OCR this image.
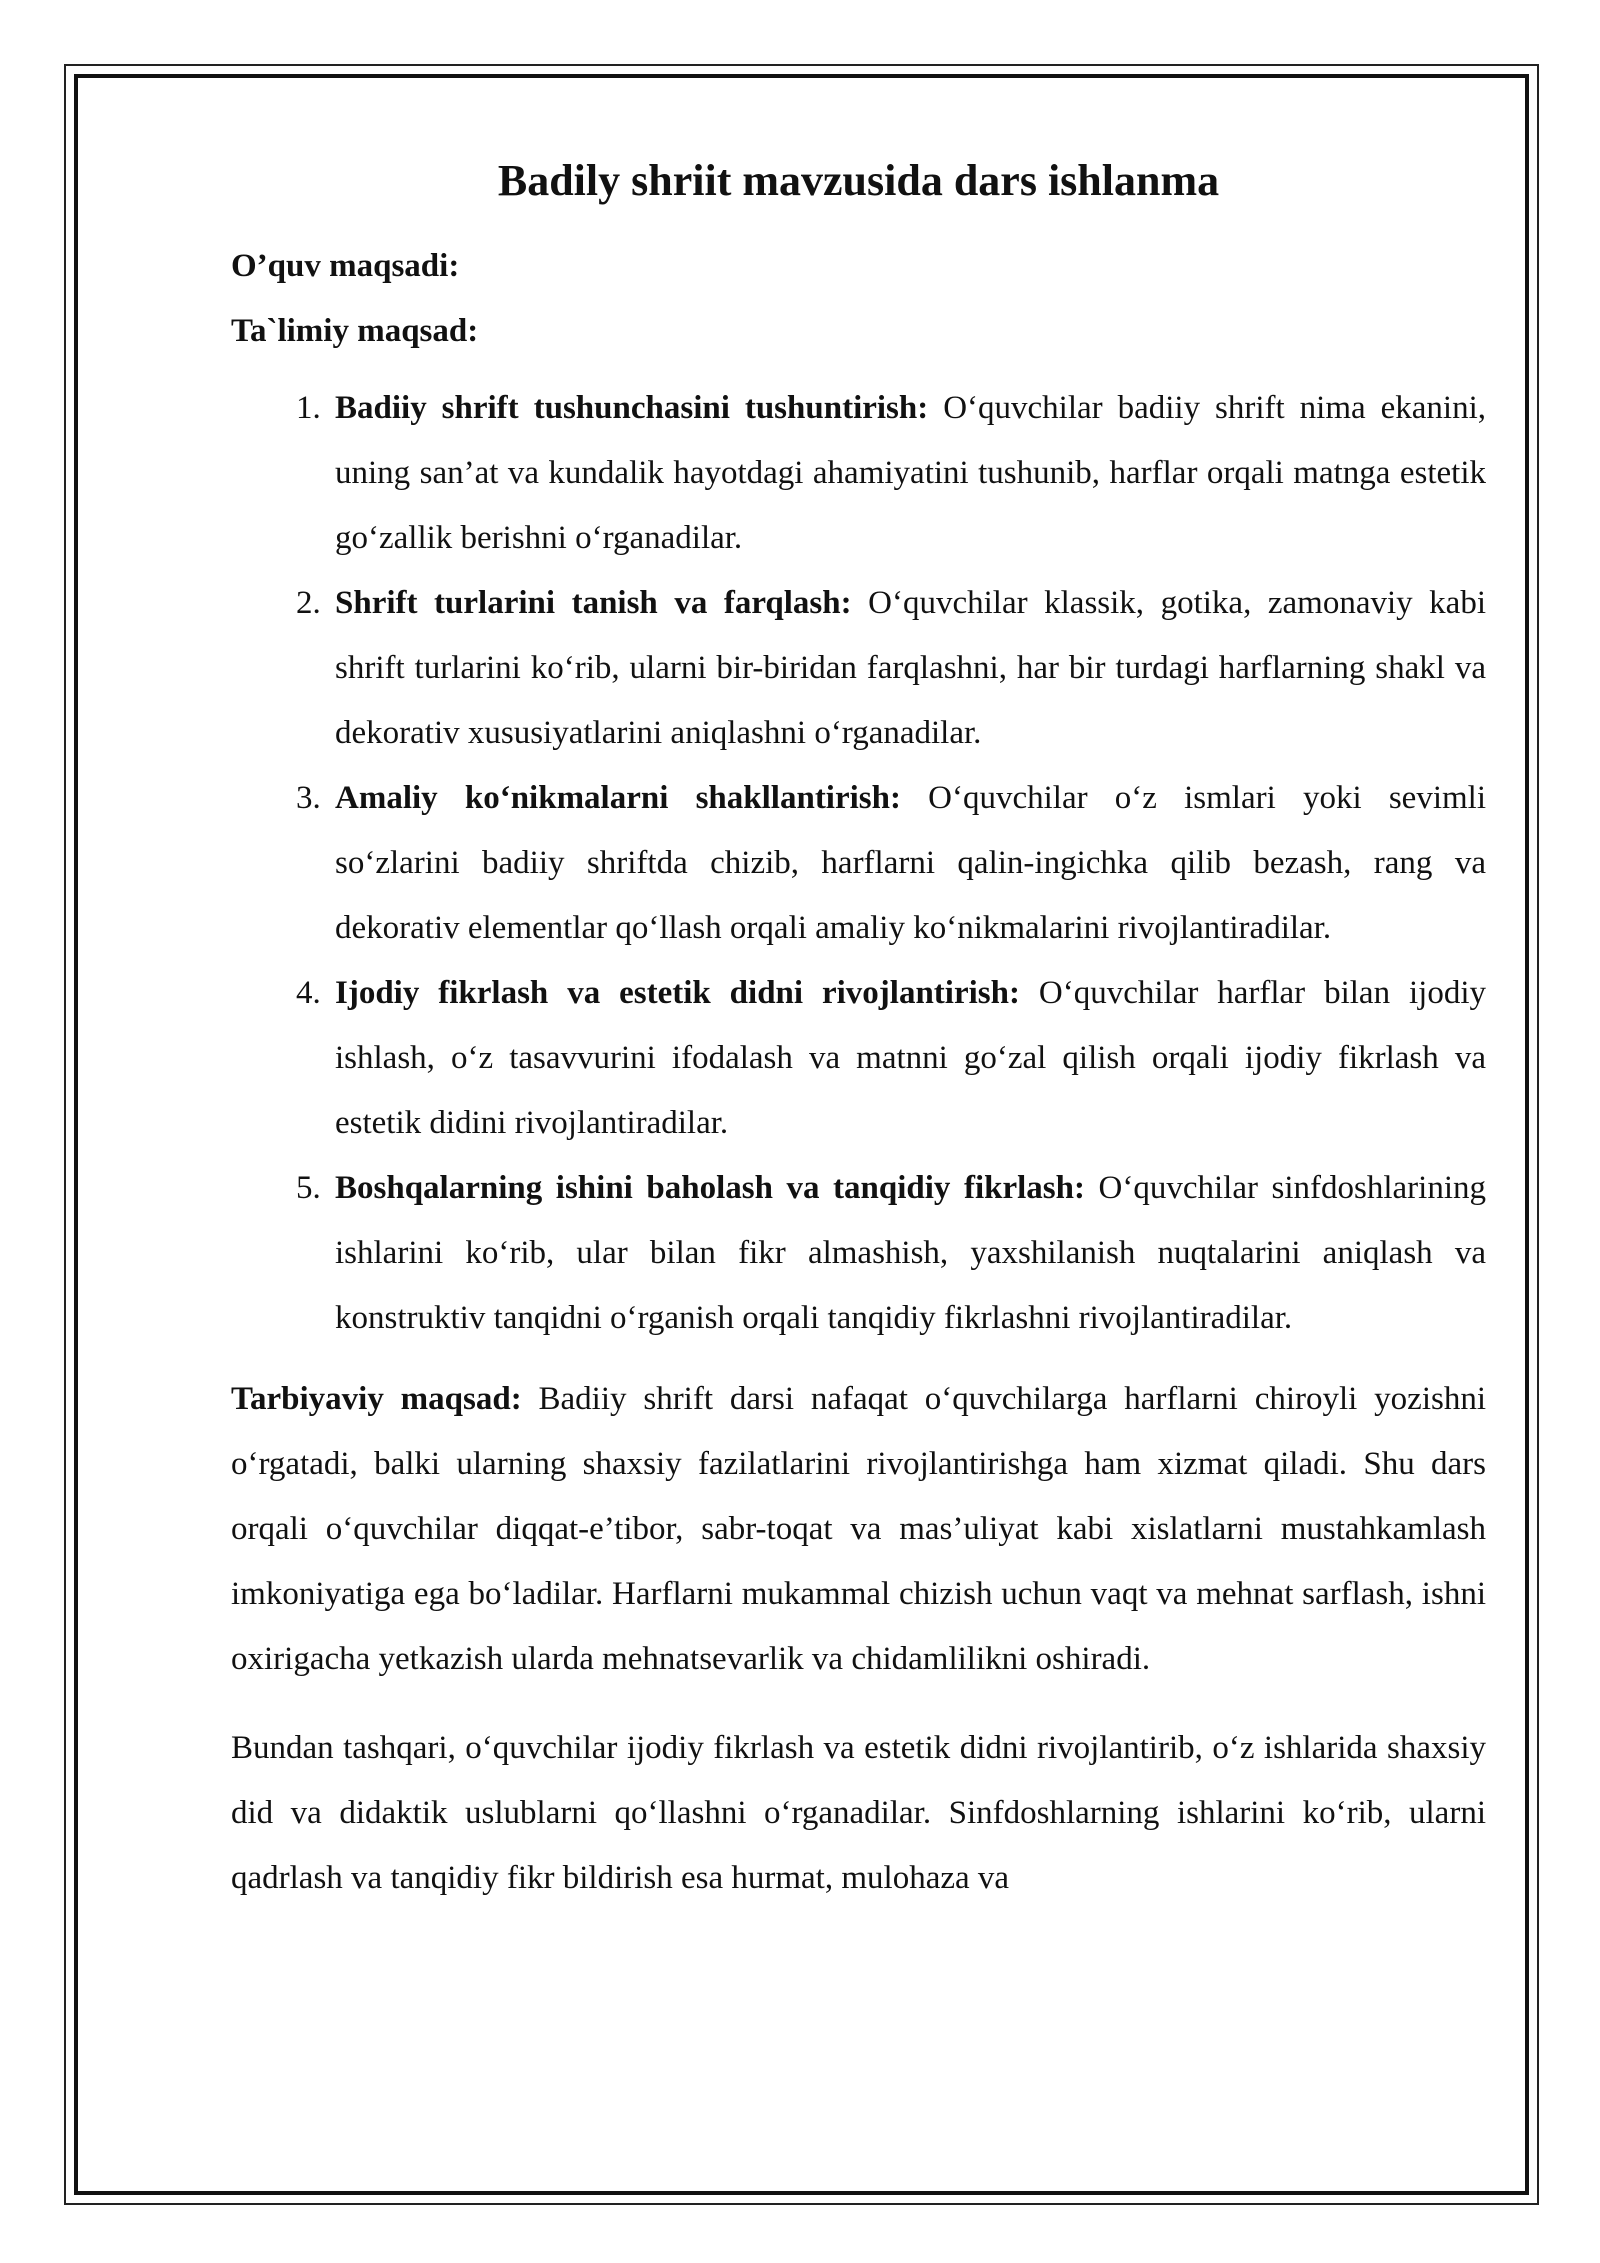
Badily shriit mavzusida dars ishlanma

O’quv maqsadi:

Ta`limiy maqsad:

1. Badiiy shrift tushunchasini tushuntirish: O‘quvchilar badiiy shrift nima ekanini, uning san’at va kundalik hayotdagi ahamiyatini tushunib, harflar orqali matnga estetik go‘zallik berishni o‘rganadilar.
2. Shrift turlarini tanish va farqlash: O‘quvchilar klassik, gotika, zamonaviy kabi shrift turlarini ko‘rib, ularni bir-biridan farqlashni, har bir turdagi harflarning shakl va dekorativ xususiyatlarini aniqlashni o‘rganadilar.
3. Amaliy ko‘nikmalarni shakllantirish: O‘quvchilar o‘z ismlari yoki sevimli so‘zlarini badiiy shriftda chizib, harflarni qalin-ingichka qilib bezash, rang va dekorativ elementlar qo‘llash orqali amaliy ko‘nikmalarini rivojlantiradilar.
4. Ijodiy fikrlash va estetik didni rivojlantirish: O‘quvchilar harflar bilan ijodiy ishlash, o‘z tasavvurini ifodalash va matnni go‘zal qilish orqali ijodiy fikrlash va estetik didini rivojlantiradilar.
5. Boshqalarning ishini baholash va tanqidiy fikrlash: O‘quvchilar sinfdoshlarining ishlarini ko‘rib, ular bilan fikr almashish, yaxshilanish nuqtalarini aniqlash va konstruktiv tanqidni o‘rganish orqali tanqidiy fikrlashni rivojlantiradilar.

Tarbiyaviy maqsad: Badiiy shrift darsi nafaqat o‘quvchilarga harflarni chiroyli yozishni o‘rgatadi, balki ularning shaxsiy fazilatlarini rivojlantirishga ham xizmat qiladi. Shu dars orqali o‘quvchilar diqqat-e’tibor, sabr-toqat va mas’uliyat kabi xislatlarni mustahkamlash imkoniyatiga ega bo‘ladilar. Harflarni mukammal chizish uchun vaqt va mehnat sarflash, ishni oxirigacha yetkazish ularda mehnatsevarlik va chidamlilikni oshiradi.

Bundan tashqari, o‘quvchilar ijodiy fikrlash va estetik didni rivojlantirib, o‘z ishlarida shaxsiy did va didaktik uslublarni qo‘llashni o‘rganadilar. Sinfdoshlarning ishlarini ko‘rib, ularni qadrlash va tanqidiy fikr bildirish esa hurmat, mulohaza va
